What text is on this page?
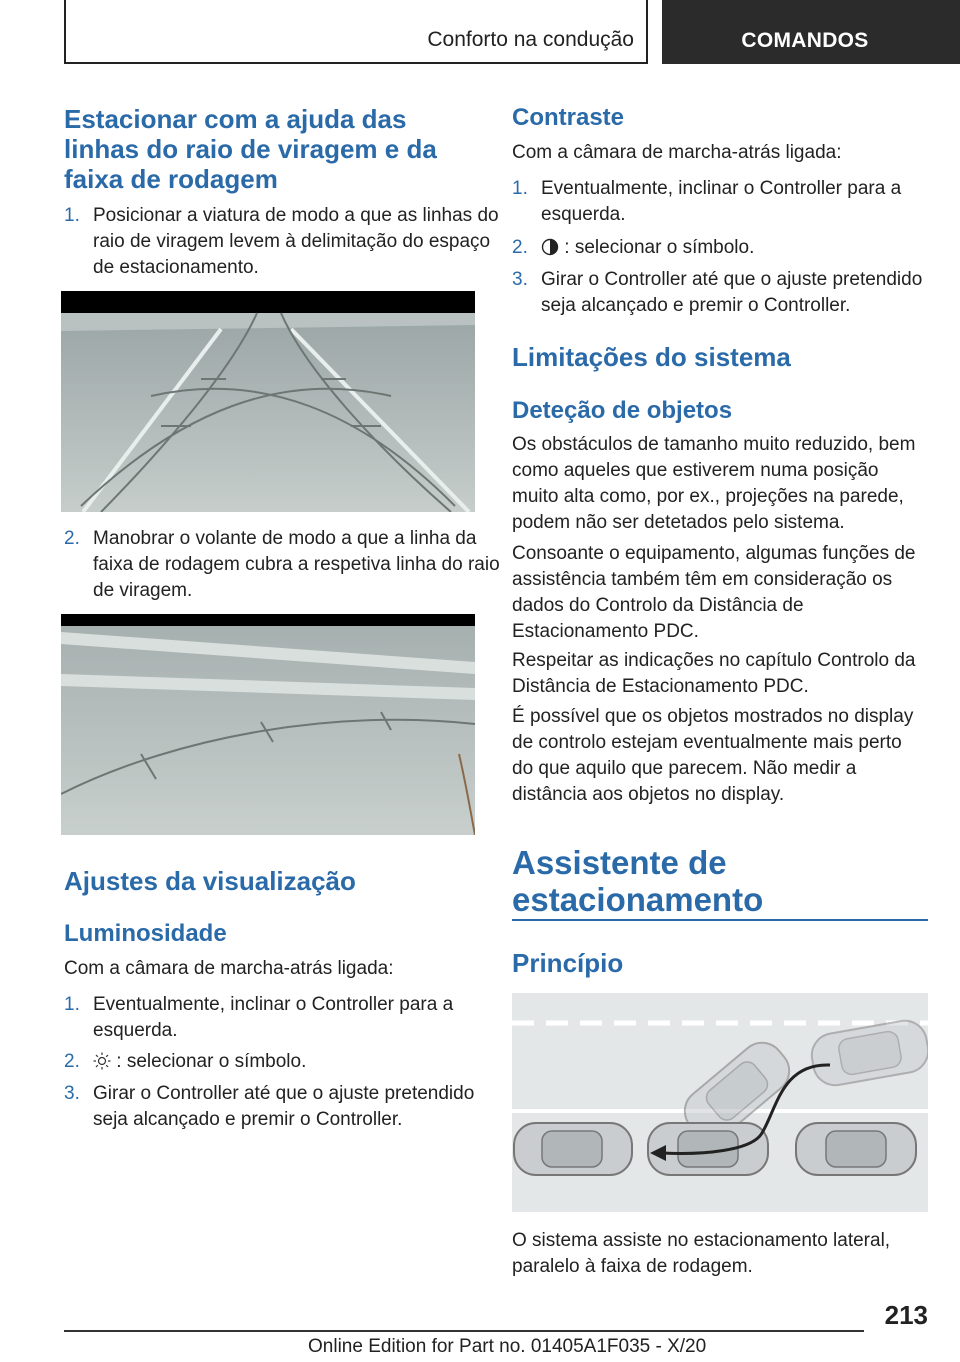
Conforto na condução	COMANDOS
Estacionar com a ajuda das linhas do raio de viragem e da faixa de rodagem
1. Posicionar a viatura de modo a que as linhas do raio de viragem levem à delimitação do espaço de estacionamento.
2. Manobrar o volante de modo a que a linha da faixa de rodagem cubra a respetiva linha do raio de viragem.
Ajustes da visualização
Luminosidade

Com a câmara de marcha-atrás ligada:

1. Eventualmente, inclinar o Controller para a esquerda.
2. : selecionar o símbolo.
3. Girar o Controller até que o ajuste pretendido seja alcançado e premir o Controller.
Contraste

Com a câmara de marcha-atrás ligada:

1. Eventualmente, inclinar o Controller para a esquerda.
2. : selecionar o símbolo.
3. Girar o Controller até que o ajuste pretendido seja alcançado e premir o Controller.
Limitações do sistema
Deteção de objetos

Os obstáculos de tamanho muito reduzido, bem como aqueles que estiverem numa posição muito alta como, por ex., projeções na parede, podem não ser detetados pelo sistema.

Consoante o equipamento, algumas funções de assistência também têm em consideração os dados do Controlo da Distância de Estacionamento PDC.

Respeitar as indicações no capítulo Controlo da Distância de Estacionamento PDC.

É possível que os objetos mostrados no display de controlo estejam eventualmente mais perto do que aquilo que parecem. Não medir a distância aos objetos no display.

Assistente de estacionamento
Princípio

O sistema assiste no estacionamento lateral, paralelo à faixa de rodagem.

213
Online Edition for Part no. 01405A1F035 - X/20
